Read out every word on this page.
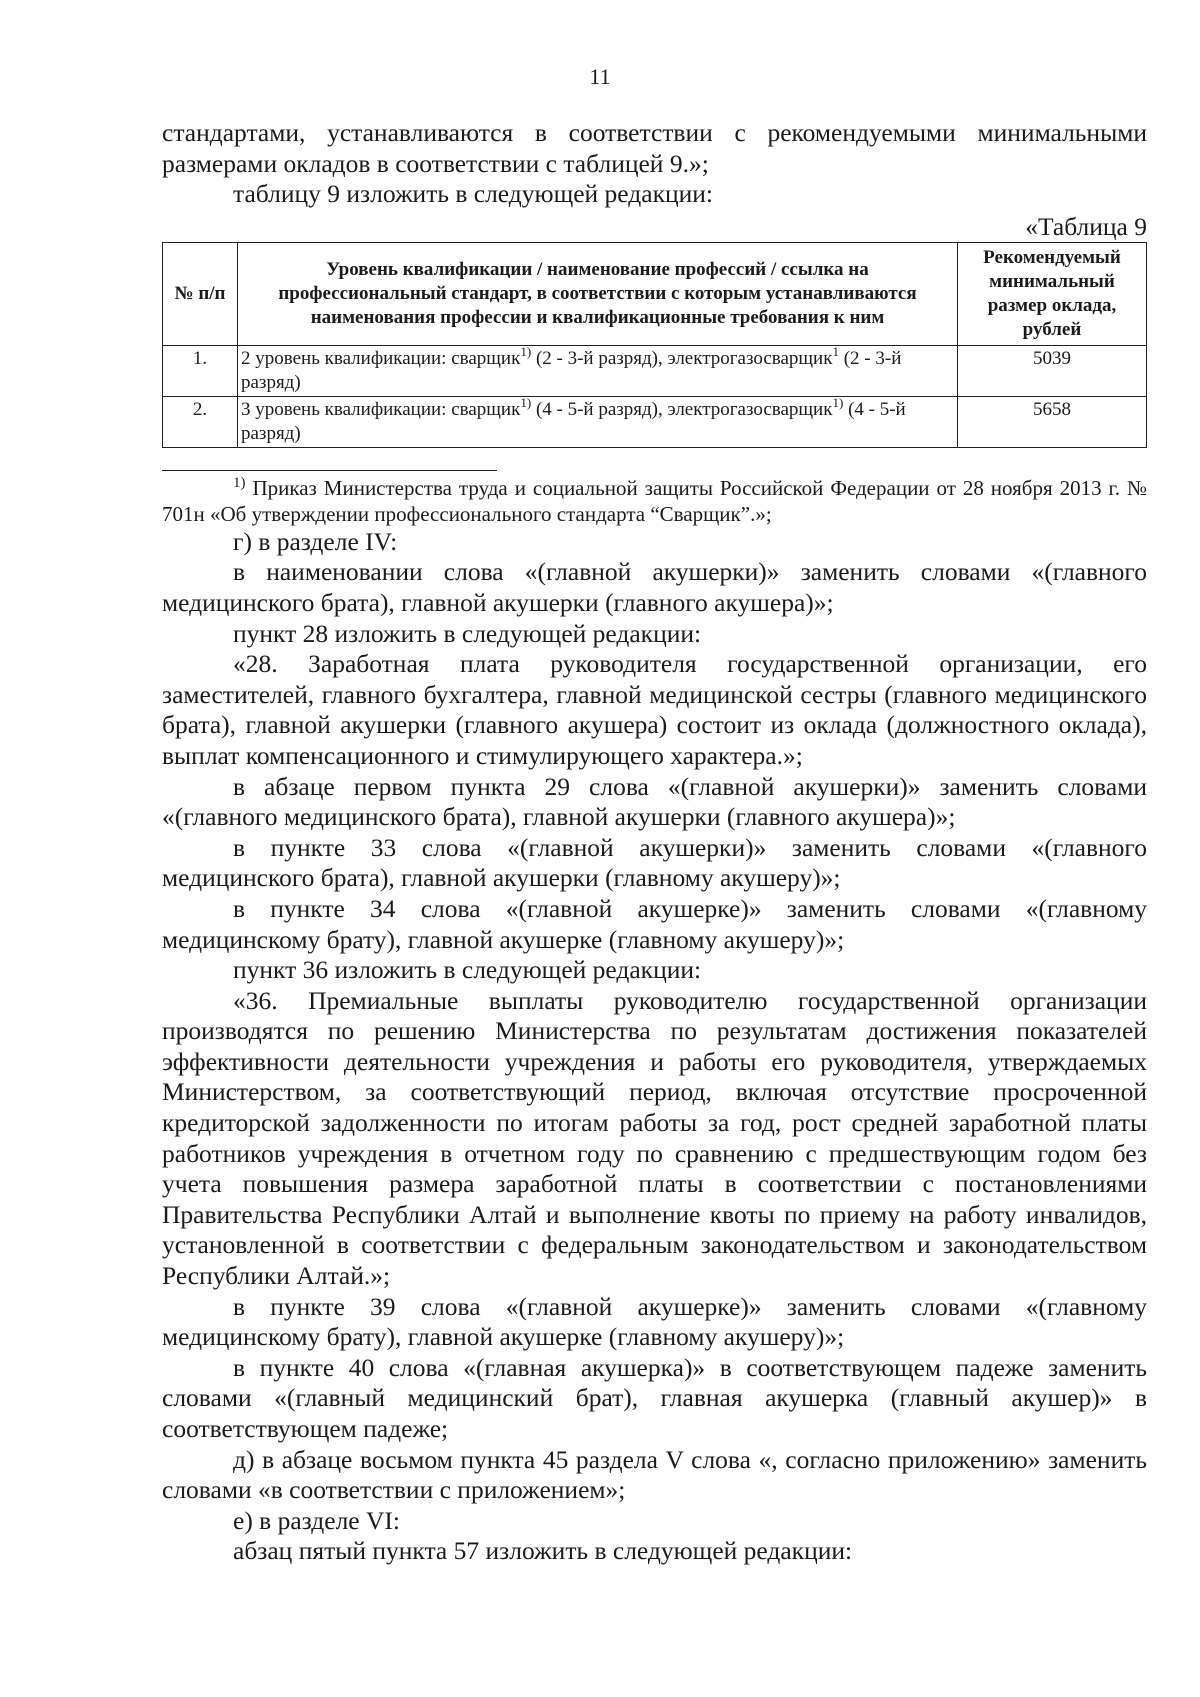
11

стандартами, устанавливаются в соответствии с рекомендуемыми минимальными размерами окладов в соответствии с таблицей 9.»;

таблицу 9 изложить в следующей редакции:

«Таблица 9
№ п/п	Уровень квалификации / наименование профессий / ссылка на профессиональный стандарт, в соответствии с которым устанавливаются наименования профессии и квалификационные требования к ним	Рекомендуемый минимальный размер оклада, рублей
1.	2 уровень квалификации: сварщик$^{1)}$ (2 - 3-й разряд), электрогазосварщик$^1$ (2 - 3-й разряд)	5039
2.	3 уровень квалификации: сварщик$^{1)}$ (4 - 5-й разряд), электрогазосварщик$^{1)}$ (4 - 5-й разряд)	5658

$^{1)}$ Приказ Министерства труда и социальной защиты Российской Федерации от 28 ноября 2013 г. № 701н «Об утверждении профессионального стандарта “Сварщик”.»;

г) в разделе IV:

в наименовании слова «(главной акушерки)» заменить словами «(главного медицинского брата), главной акушерки (главного акушера)»;

пункт 28 изложить в следующей редакции:

«28. Заработная плата руководителя государственной организации, его заместителей, главного бухгалтера, главной медицинской сестры (главного медицинского брата), главной акушерки (главного акушера) состоит из оклада (должностного оклада), выплат компенсационного и стимулирующего характера.»;

в абзаце первом пункта 29 слова «(главной акушерки)» заменить словами «(главного медицинского брата), главной акушерки (главного акушера)»;

в пункте 33 слова «(главной акушерки)» заменить словами «(главного медицинского брата), главной акушерки (главному акушеру)»;

в пункте 34 слова «(главной акушерке)» заменить словами «(главному медицинскому брату), главной акушерке (главному акушеру)»;

пункт 36 изложить в следующей редакции:

«36. Премиальные выплаты руководителю государственной организации производятся по решению Министерства по результатам достижения показателей эффективности деятельности учреждения и работы его руководителя, утверждаемых Министерством, за соответствующий период, включая отсутствие просроченной кредиторской задолженности по итогам работы за год, рост средней заработной платы работников учреждения в отчетном году по сравнению с предшествующим годом без учета повышения размера заработной платы в соответствии с постановлениями Правительства Республики Алтай и выполнение квоты по приему на работу инвалидов, установленной в соответствии с федеральным законодательством и законодательством Республики Алтай.»;

в пункте 39 слова «(главной акушерке)» заменить словами «(главному медицинскому брату), главной акушерке (главному акушеру)»;

в пункте 40 слова «(главная акушерка)» в соответствующем падеже заменить словами «(главный медицинский брат), главная акушерка (главный акушер)» в соответствующем падеже;

д) в абзаце восьмом пункта 45 раздела V слова «, согласно приложению» заменить словами «в соответствии с приложением»;

е) в разделе VI:

абзац пятый пункта 57 изложить в следующей редакции:
